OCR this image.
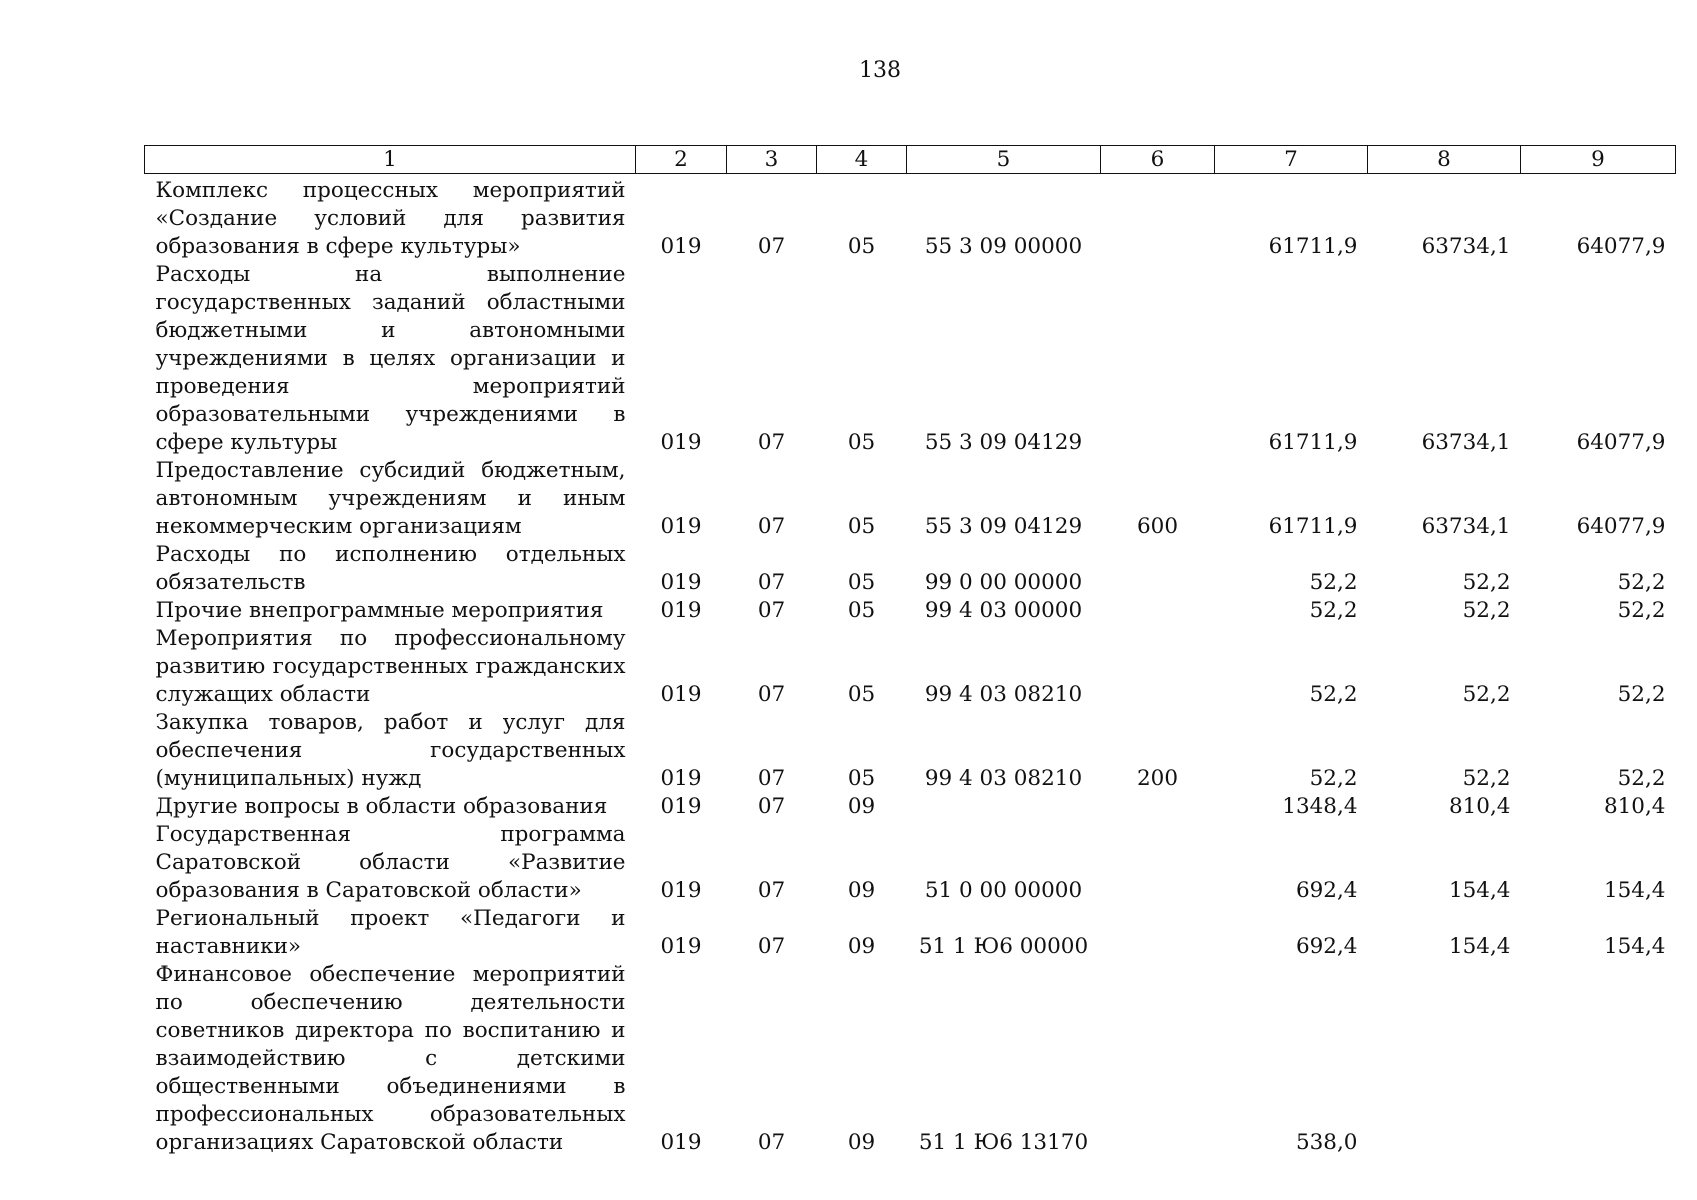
138
1	2	3	4	5	6	7	8	9
Комплекс процессных мероприятий «Создание условий для развития образования в сфере культуры»	019	07	05	55 3 09 00000		61711,9	63734,1	64077,9
Расходы на выполнение государственных заданий областными бюджетными и автономными учреждениями в целях организации и проведения мероприятий образовательными учреждениями в сфере культуры	019	07	05	55 3 09 04129		61711,9	63734,1	64077,9
Предоставление субсидий бюджетным, автономным учреждениям и иным некоммерческим организациям	019	07	05	55 3 09 04129	600	61711,9	63734,1	64077,9
Расходы по исполнению отдельных обязательств	019	07	05	99 0 00 00000		52,2	52,2	52,2
Прочие внепрограммные мероприятия	019	07	05	99 4 03 00000		52,2	52,2	52,2
Мероприятия по профессиональному развитию государственных гражданских служащих области	019	07	05	99 4 03 08210		52,2	52,2	52,2
Закупка товаров, работ и услуг для обеспечения государственных (муниципальных) нужд	019	07	05	99 4 03 08210	200	52,2	52,2	52,2
Другие вопросы в области образования	019	07	09			1348,4	810,4	810,4
Государственная программа Саратовской области «Развитие образования в Саратовской области»	019	07	09	51 0 00 00000		692,4	154,4	154,4
Региональный проект «Педагоги и наставники»	019	07	09	51 1 Ю6 00000		692,4	154,4	154,4
Финансовое обеспечение мероприятий по обеспечению деятельности советников директора по воспитанию и взаимодействию с детскими общественными объединениями в профессиональных образовательных организациях Саратовской области	019	07	09	51 1 Ю6 13170		538,0		
